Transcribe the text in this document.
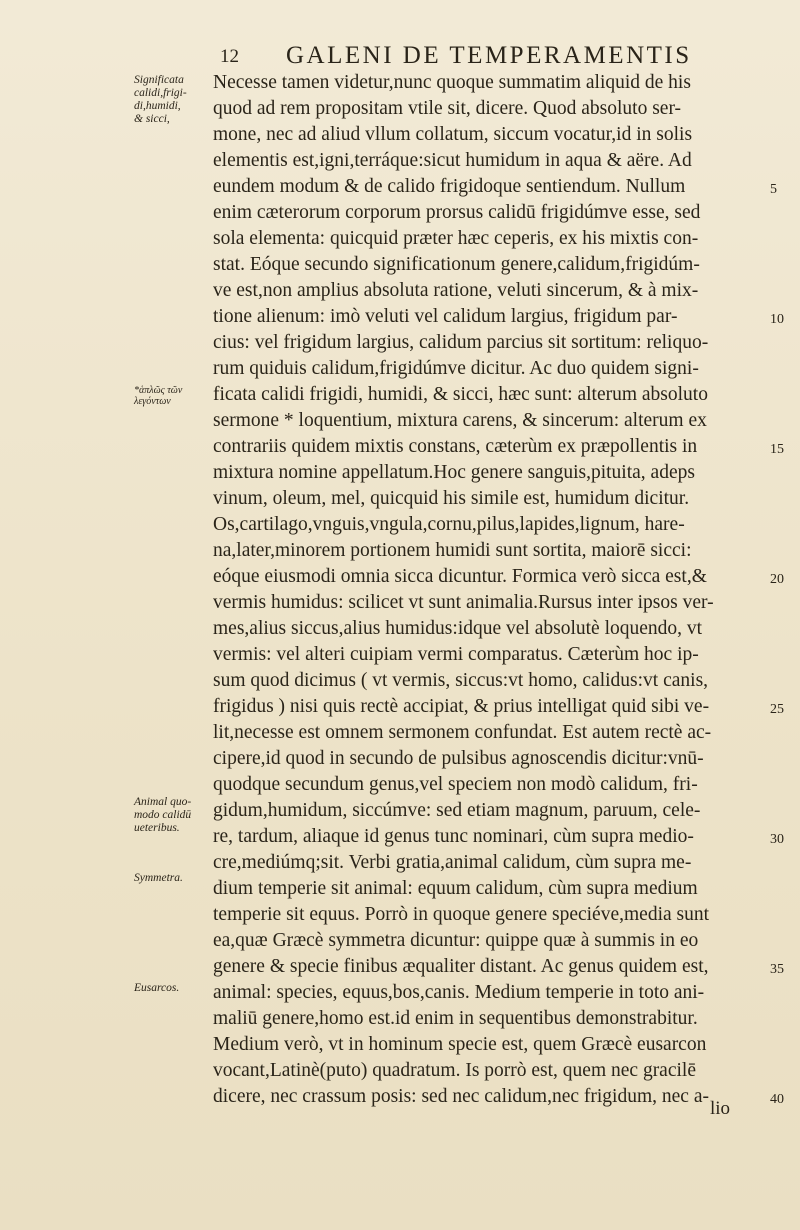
12 GALENI DE TEMPERAMENTIS
Significata
calidi,frigi-
di,humidi,
& sicci,
*ἁπλῶς τῶν
λεγόντων
Animal quo-
modo calidū
ueteribus.
Symmetra.
Eusarcos.
Necesse tamen videtur,nunc quoque summatim aliquid de his
quod ad rem propositam vtile sit, dicere. Quod absoluto ser-
mone, nec ad aliud vllum collatum, siccum vocatur,id in solis
elementis est,igni,terráque:sicut humidum in aqua & aëre. Ad
eundem modum & de calido frigidoque sentiendum. Nullum
enim cæterorum corporum prorsus calidū frigidúmve esse, sed
sola elementa: quicquid præter hæc ceperis, ex his mixtis con-
stat. Eóque secundo significationum genere,calidum,frigidúm-
ve est,non amplius absoluta ratione, veluti sincerum, & à mix-
tione alienum: imò veluti vel calidum largius, frigidum par-
cius: vel frigidum largius, calidum parcius sit sortitum: reliquo-
rum quiduis calidum,frigidúmve dicitur. Ac duo quidem signi-
ficata calidi frigidi, humidi, & sicci, hæc sunt: alterum absoluto
sermone * loquentium, mixtura carens, & sincerum: alterum ex
contrariis quidem mixtis constans, cæterùm ex præpollentis in
mixtura nomine appellatum.Hoc genere sanguis,pituita, adeps
vinum, oleum, mel, quicquid his simile est, humidum dicitur.
Os,cartilago,vnguis,vngula,cornu,pilus,lapides,lignum, hare-
na,later,minorem portionem humidi sunt sortita, maiorē sicci:
eóque eiusmodi omnia sicca dicuntur. Formica verò sicca est,&
vermis humidus: scilicet vt sunt animalia.Rursus inter ipsos ver-
mes,alius siccus,alius humidus:idque vel absolutè loquendo, vt
vermis: vel alteri cuipiam vermi comparatus. Cæterùm hoc ip-
sum quod dicimus ( vt vermis, siccus:vt homo, calidus:vt canis,
frigidus ) nisi quis rectè accipiat, & prius intelligat quid sibi ve-
lit,necesse est omnem sermonem confundat. Est autem rectè ac-
cipere,id quod in secundo de pulsibus agnoscendis dicitur:vnū-
quodque secundum genus,vel speciem non modò calidum, fri-
gidum,humidum, siccúmve: sed etiam magnum, paruum, cele-
re, tardum, aliaque id genus tunc nominari, cùm supra medio-
cre,mediúmq;sit. Verbi gratia,animal calidum, cùm supra me-
dium temperie sit animal: equum calidum, cùm supra medium
temperie sit equus. Porrò in quoque genere speciéve,media sunt
ea,quæ Græcè symmetra dicuntur: quippe quæ à summis in eo
genere & specie finibus æqualiter distant. Ac genus quidem est,
animal: species, equus,bos,canis. Medium temperie in toto ani-
maliū genere,homo est.id enim in sequentibus demonstrabitur.
Medium verò, vt in hominum specie est, quem Græcè eusarcon
vocant,Latinè(puto) quadratum. Is porrò est, quem nec gracilē
dicere, nec crassum posis: sed nec calidum,nec frigidum, nec a-
5
10
15
20
25
30
35
40
lio
